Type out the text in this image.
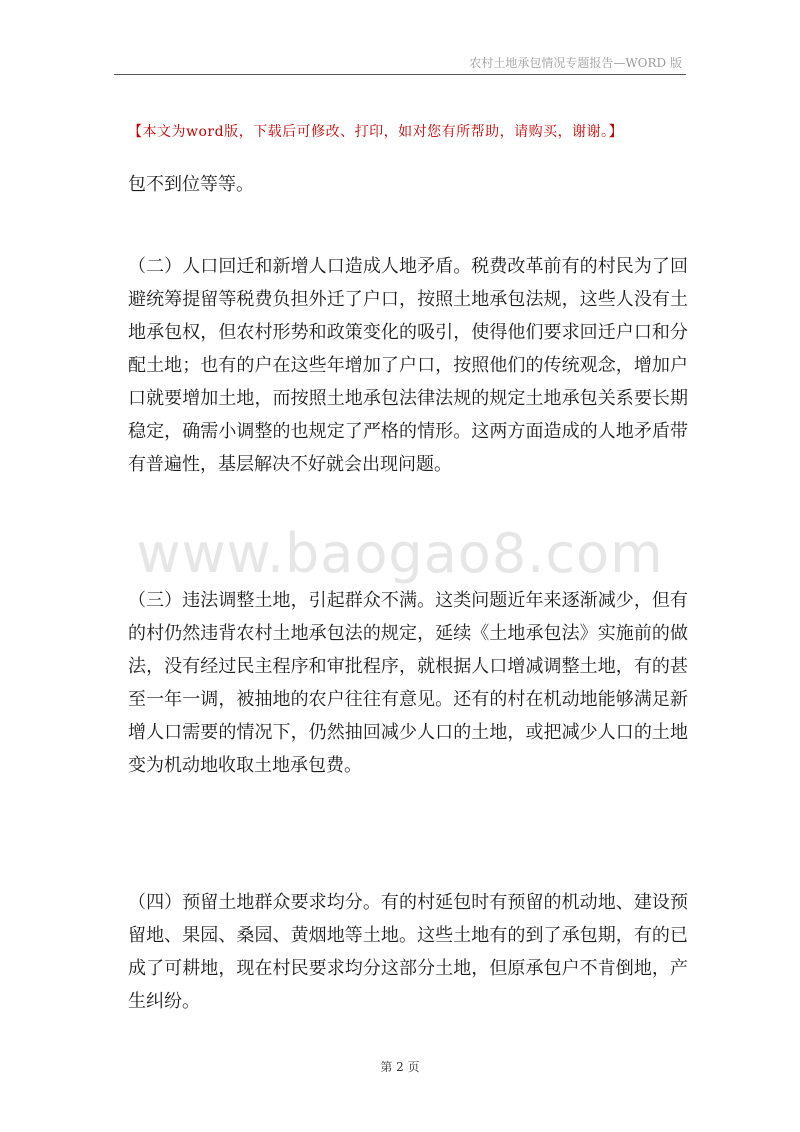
农村土地承包情况专题报告—WORD 版
【本文为word版，下载后可修改、打印，如对您有所帮助，请购买，谢谢。】

包不到位等等。

（二）人口回迁和新增人口造成人地矛盾。税费改革前有的村民为了回避统筹提留等税费负担外迁了户口，按照土地承包法规，这些人没有土地承包权，但农村形势和政策变化的吸引，使得他们要求回迁户口和分配土地；也有的户在这些年增加了户口，按照他们的传统观念，增加户口就要增加土地，而按照土地承包法律法规的规定土地承包关系要长期稳定，确需小调整的也规定了严格的情形。这两方面造成的人地矛盾带有普遍性，基层解决不好就会出现问题。

（三）违法调整土地，引起群众不满。这类问题近年来逐渐减少，但有的村仍然违背农村土地承包法的规定，延续《土地承包法》实施前的做法，没有经过民主程序和审批程序，就根据人口增减调整土地，有的甚至一年一调，被抽地的农户往往有意见。还有的村在机动地能够满足新增人口需要的情况下，仍然抽回减少人口的土地，或把减少人口的土地变为机动地收取土地承包费。

（四）预留土地群众要求均分。有的村延包时有预留的机动地、建设预留地、果园、桑园、黄烟地等土地。这些土地有的到了承包期，有的已成了可耕地，现在村民要求均分这部分土地，但原承包户不肯倒地，产生纠纷。

www.baogao8.com
第 2 页
